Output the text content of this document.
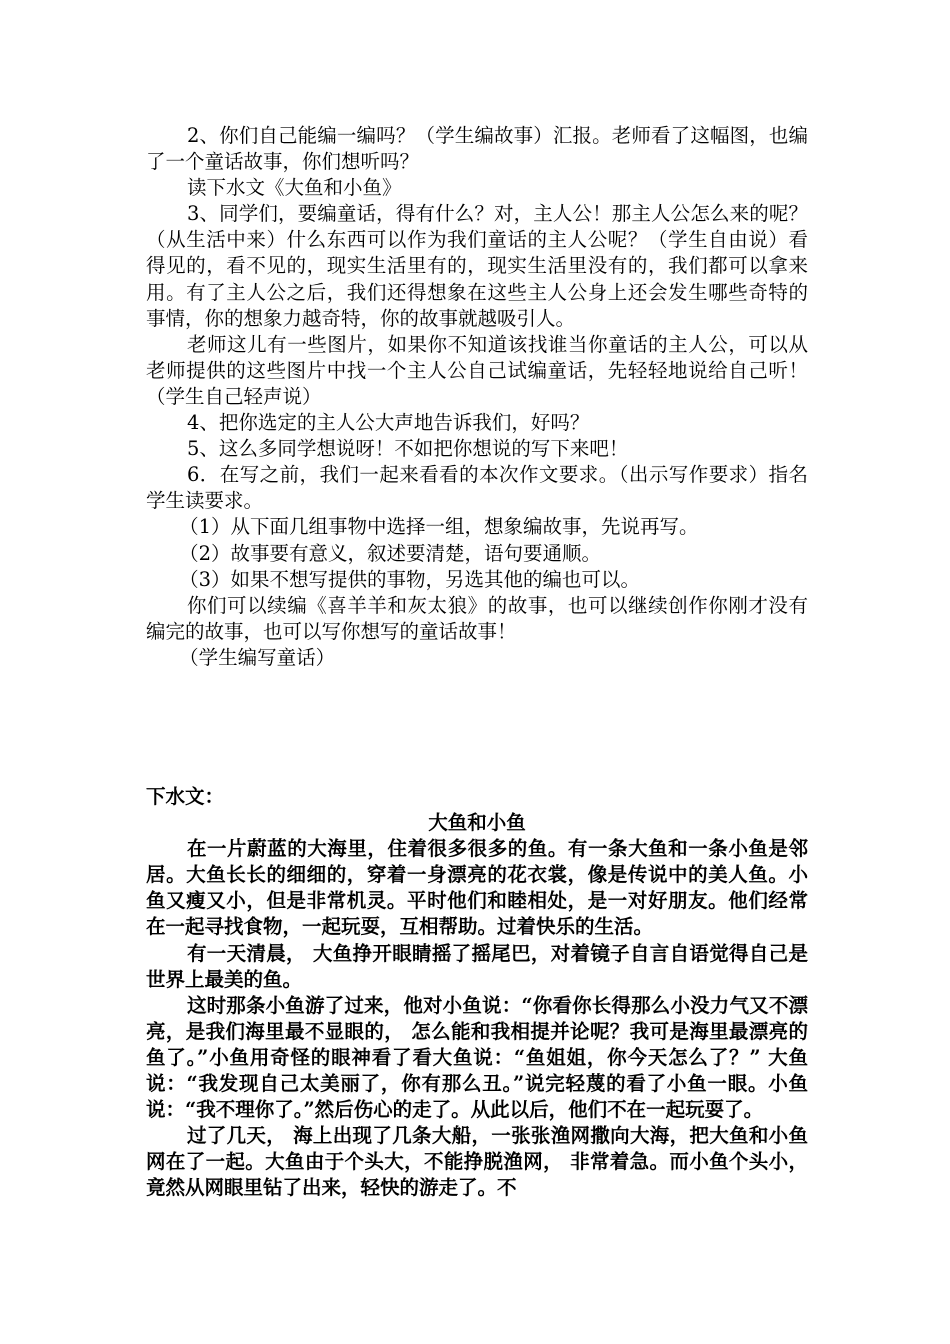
2、你们自己能编一编吗？（学生编故事）汇报。老师看了这幅图，也编了一个童话故事，你们想听吗？

读下水文《大鱼和小鱼》

3、同学们，要编童话，得有什么？对，主人公！那主人公怎么来的呢？（从生活中来）什么东西可以作为我们童话的主人公呢？（学生自由说）看得见的，看不见的，现实生活里有的，现实生活里没有的，我们都可以拿来用。有了主人公之后，我们还得想象在这些主人公身上还会发生哪些奇特的事情，你的想象力越奇特，你的故事就越吸引人。

老师这儿有一些图片，如果你不知道该找谁当你童话的主人公，可以从老师提供的这些图片中找一个主人公自己试编童话，先轻轻地说给自己听！（学生自己轻声说）

4、把你选定的主人公大声地告诉我们，好吗？

5、这么多同学想说呀！不如把你想说的写下来吧！

6．在写之前，我们一起来看看的本次作文要求。（出示写作要求）指名学生读要求。

（1）从下面几组事物中选择一组，想象编故事，先说再写。

（2）故事要有意义，叙述要清楚，语句要通顺。

（3）如果不想写提供的事物，另选其他的编也可以。

你们可以续编《喜羊羊和灰太狼》的故事，也可以继续创作你刚才没有编完的故事，也可以写你想写的童话故事！

（学生编写童话）

下水文：

大鱼和小鱼

在一片蔚蓝的大海里，住着很多很多的鱼。有一条大鱼和一条小鱼是邻居。大鱼长长的细细的，穿着一身漂亮的花衣裳，像是传说中的美人鱼。小鱼又瘦又小，但是非常机灵。平时他们和睦相处，是一对好朋友。他们经常在一起寻找食物，一起玩耍，互相帮助。过着快乐的生活。

有一天清晨， 大鱼挣开眼睛摇了摇尾巴，对着镜子自言自语觉得自己是世界上最美的鱼。

这时那条小鱼游了过来，他对小鱼说：“你看你长得那么小没力气又不漂亮，是我们海里最不显眼的， 怎么能和我相提并论呢？我可是海里最漂亮的鱼了。”小鱼用奇怪的眼神看了看大鱼说：“鱼姐姐，你今天怎么了？” 大鱼说：“我发现自己太美丽了，你有那么丑。”说完轻蔑的看了小鱼一眼。小鱼说：“我不理你了。”然后伤心的走了。从此以后，他们不在一起玩耍了。

过了几天， 海上出现了几条大船，一张张渔网撒向大海，把大鱼和小鱼网在了一起。大鱼由于个头大，不能挣脱渔网， 非常着急。而小鱼个头小，竟然从网眼里钻了出来，轻快的游走了。不
